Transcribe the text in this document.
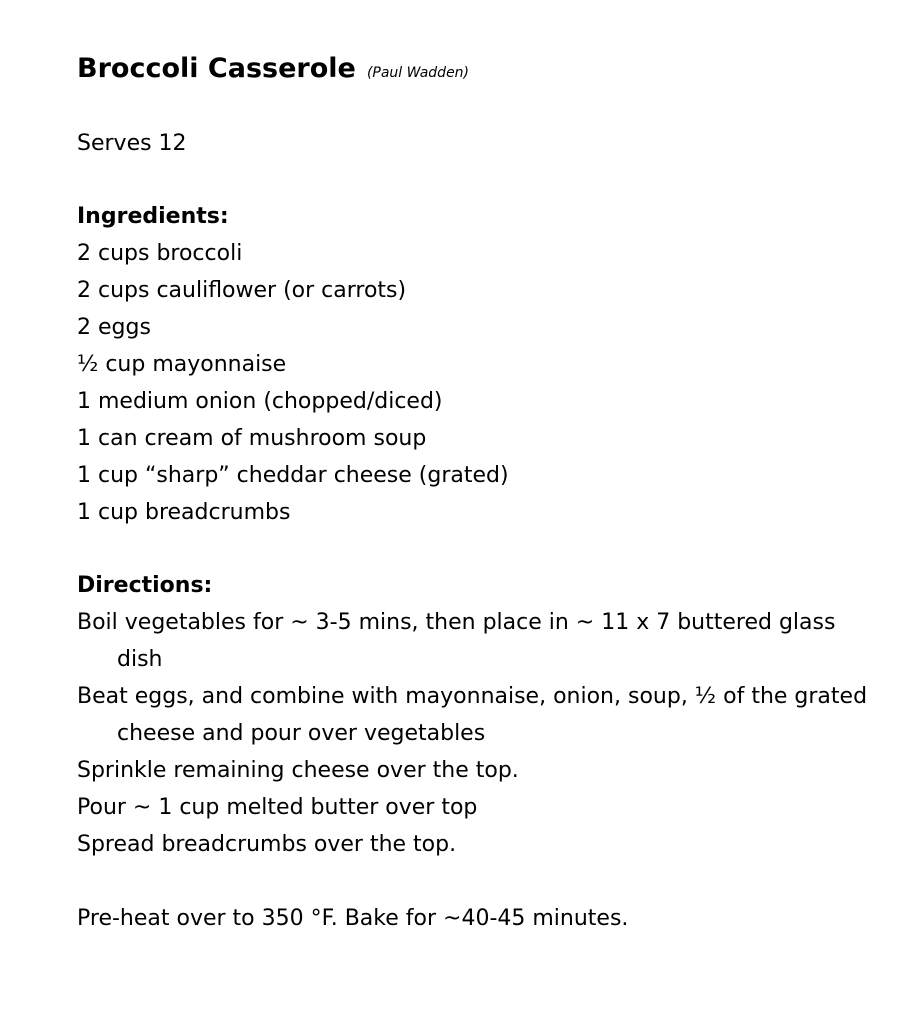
Broccoli Casserole (Paul Wadden)
Serves 12
Ingredients:
2 cups broccoli
2 cups cauliflower (or carrots)
2 eggs
½ cup mayonnaise
1 medium onion (chopped/diced)
1 can cream of mushroom soup
1 cup “sharp” cheddar cheese (grated)
1 cup breadcrumbs
Directions:
Boil vegetables for ~ 3-5 mins, then place in ~ 11 x 7 buttered glass dish
Beat eggs, and combine with mayonnaise, onion, soup, ½ of the grated cheese and pour over vegetables
Sprinkle remaining cheese over the top.
Pour ~ 1 cup melted butter over top
Spread breadcrumbs over the top.
Pre-heat over to 350 °F. Bake for ~40-45 minutes.
